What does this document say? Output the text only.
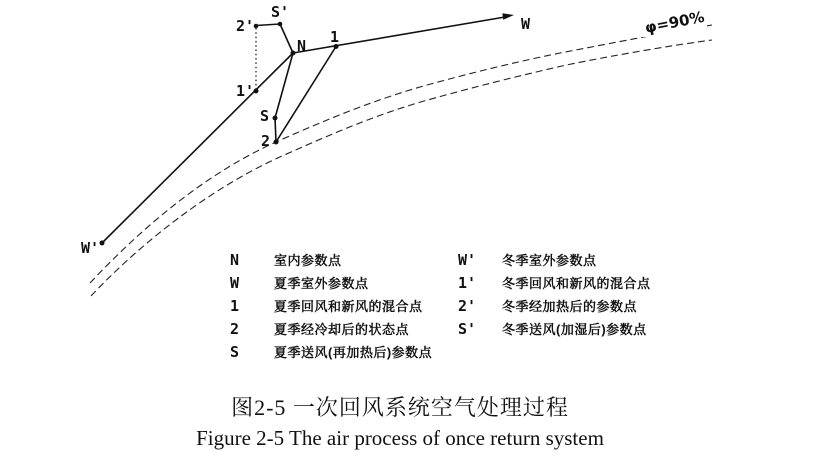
2'
S'
N 1
W
1'
S
2
W'
φ=90%
N	室内参数点
W	夏季室外参数点
1	夏季回风和新风的混合点
2	夏季经冷却后的状态点
S	夏季送风(再加热后)参数点
W'	冬季室外参数点
1'	冬季回风和新风的混合点
2'	冬季经加热后的参数点
S'	冬季送风(加湿后)参数点
图2-5 一次回风系统空气处理过程
Figure 2-5 The air process of once return system
